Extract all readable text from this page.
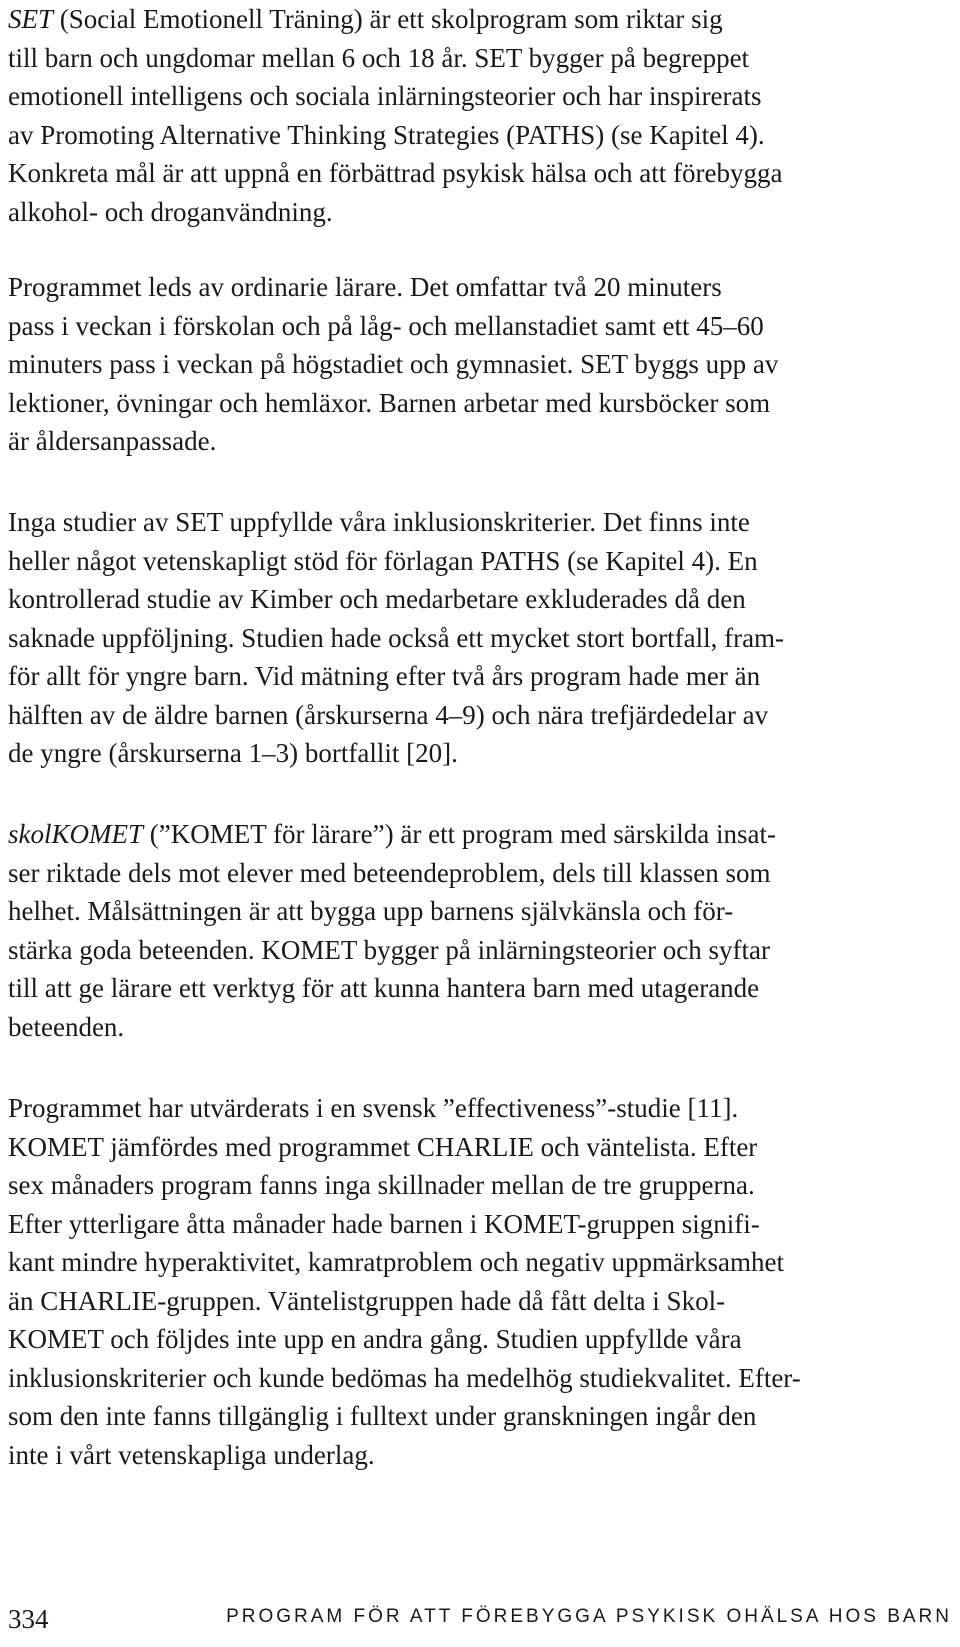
SET (Social Emotionell Träning) är ett skolprogram som riktar sig
till barn och ungdomar mellan 6 och 18 år. SET bygger på begreppet
emotionell intelligens och sociala inlärningsteorier och har inspirerats
av Promoting Alternative Thinking Strategies (PATHS) (se Kapitel 4).
Konkreta mål är att uppnå en förbättrad psykisk hälsa och att förebygga
alkohol- och droganvändning.

Programmet leds av ordinarie lärare. Det omfattar två 20 minuters
pass i veckan i förskolan och på låg- och mellanstadiet samt ett 45–60
minuters pass i veckan på högstadiet och gymnasiet. SET byggs upp av
lektioner, övningar och hemläxor. Barnen arbetar med kursböcker som
är åldersanpassade.

Inga studier av SET uppfyllde våra inklusionskriterier. Det finns inte
heller något vetenskapligt stöd för förlagan PATHS (se Kapitel 4). En
kontrollerad studie av Kimber och medarbetare exkluderades då den
saknade uppföljning. Studien hade också ett mycket stort bortfall, fram-
för allt för yngre barn. Vid mätning efter två års program hade mer än
hälften av de äldre barnen (årskurserna 4–9) och nära trefjärdedelar av
de yngre (årskurserna 1–3) bortfallit [20].

skolKOMET (”KOMET för lärare”) är ett program med särskilda insat-
ser riktade dels mot elever med beteendeproblem, dels till klassen som
helhet. Målsättningen är att bygga upp barnens självkänsla och för-
stärka goda beteenden. KOMET bygger på inlärningsteorier och syftar
till att ge lärare ett verktyg för att kunna hantera barn med utagerande
beteenden.

Programmet har utvärderats i en svensk ”effectiveness”-studie [11].
KOMET jämfördes med programmet CHARLIE och väntelista. Efter
sex månaders program fanns inga skillnader mellan de tre grupperna.
Efter ytterligare åtta månader hade barnen i KOMET-gruppen signifi-
kant mindre hyperaktivitet, kamratproblem och negativ uppmärksamhet
än CHARLIE-gruppen. Väntelistgruppen hade då fått delta i Skol-
KOMET och följdes inte upp en andra gång. Studien uppfyllde våra
inklusionskriterier och kunde bedömas ha medelhög studiekvalitet. Efter-
som den inte fanns tillgänglig i fulltext under granskningen ingår den
inte i vårt vetenskapliga underlag.

334	PROGRAM FÖR ATT FÖREBYGGA PSYKISK OHÄLSA HOS BARN
